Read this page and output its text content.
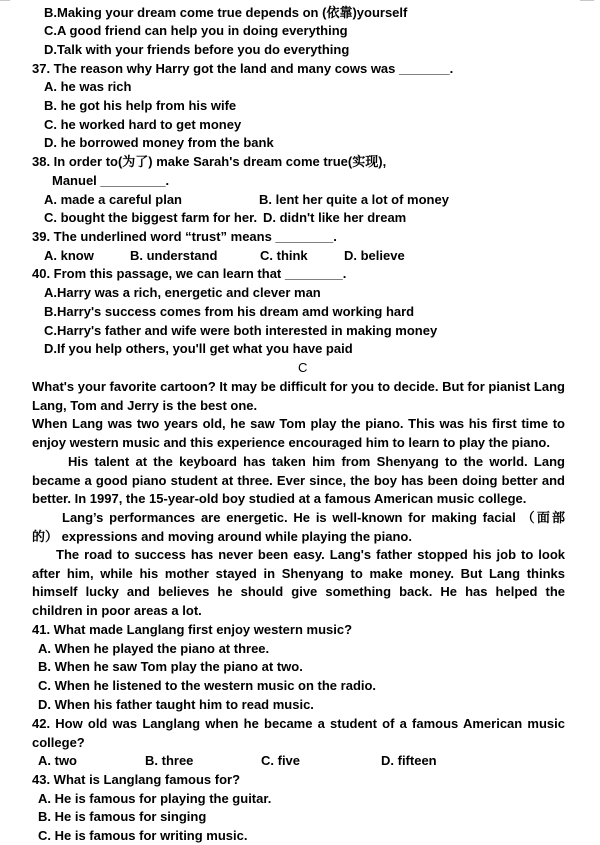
B.Making your dream come true depends on (依靠)yourself
C.A good friend can help you in doing everything
D.Talk with your friends before you do everything
37. The reason why Harry got the land and many cows was _______.
A. he was rich
B. he got his help from his wife
C. he worked hard to get money
D. he borrowed money from the bank
38. In order to(为了) make Sarah's dream come true(实现),
Manuel _________.
A. made a careful plan	B. lent her quite a lot of money
C. bought the biggest farm for her. D. didn't like her dream
39. The underlined word “trust” means ________.
A. know	B. understand	C. think	D. believe
40. From this passage, we can learn that ________.
A.Harry was a rich, energetic and clever man
B.Harry's success comes from his dream amd working hard
C.Harry's father and wife were both interested in making money
D.If you help others, you'll get what you have paid
C
What's your favorite cartoon? It may be difficult for you to decide. But for pianist Lang Lang, Tom and Jerry is the best one.
When Lang was two years old, he saw Tom play the piano. This was his first time to enjoy western music and this experience encouraged him to learn to play the piano.
His talent at the keyboard has taken him from Shenyang to the world. Lang became a good piano student at three. Ever since, the boy has been doing better and better. In 1997, the 15-year-old boy studied at a famous American music college.
Lang’s performances are energetic. He is well-known for making facial （面部的） expressions and moving around while playing the piano.
The road to success has never been easy. Lang's father stopped his job to look after him, while his mother stayed in Shenyang to make money. But Lang thinks himself lucky and believes he should give something back. He has helped the children in poor areas a lot.
41. What made Langlang first enjoy western music?
A. When he played the piano at three.
B. When he saw Tom play the piano at two.
C. When he listened to the western music on the radio.
D. When his father taught him to read music.
42. How old was Langlang when he became a student of a famous American music college?
A. two	B. three	C. five	D. fifteen
43. What is Langlang famous for?
A. He is famous for playing the guitar.
B. He is famous for singing
C. He is famous for writing music.
